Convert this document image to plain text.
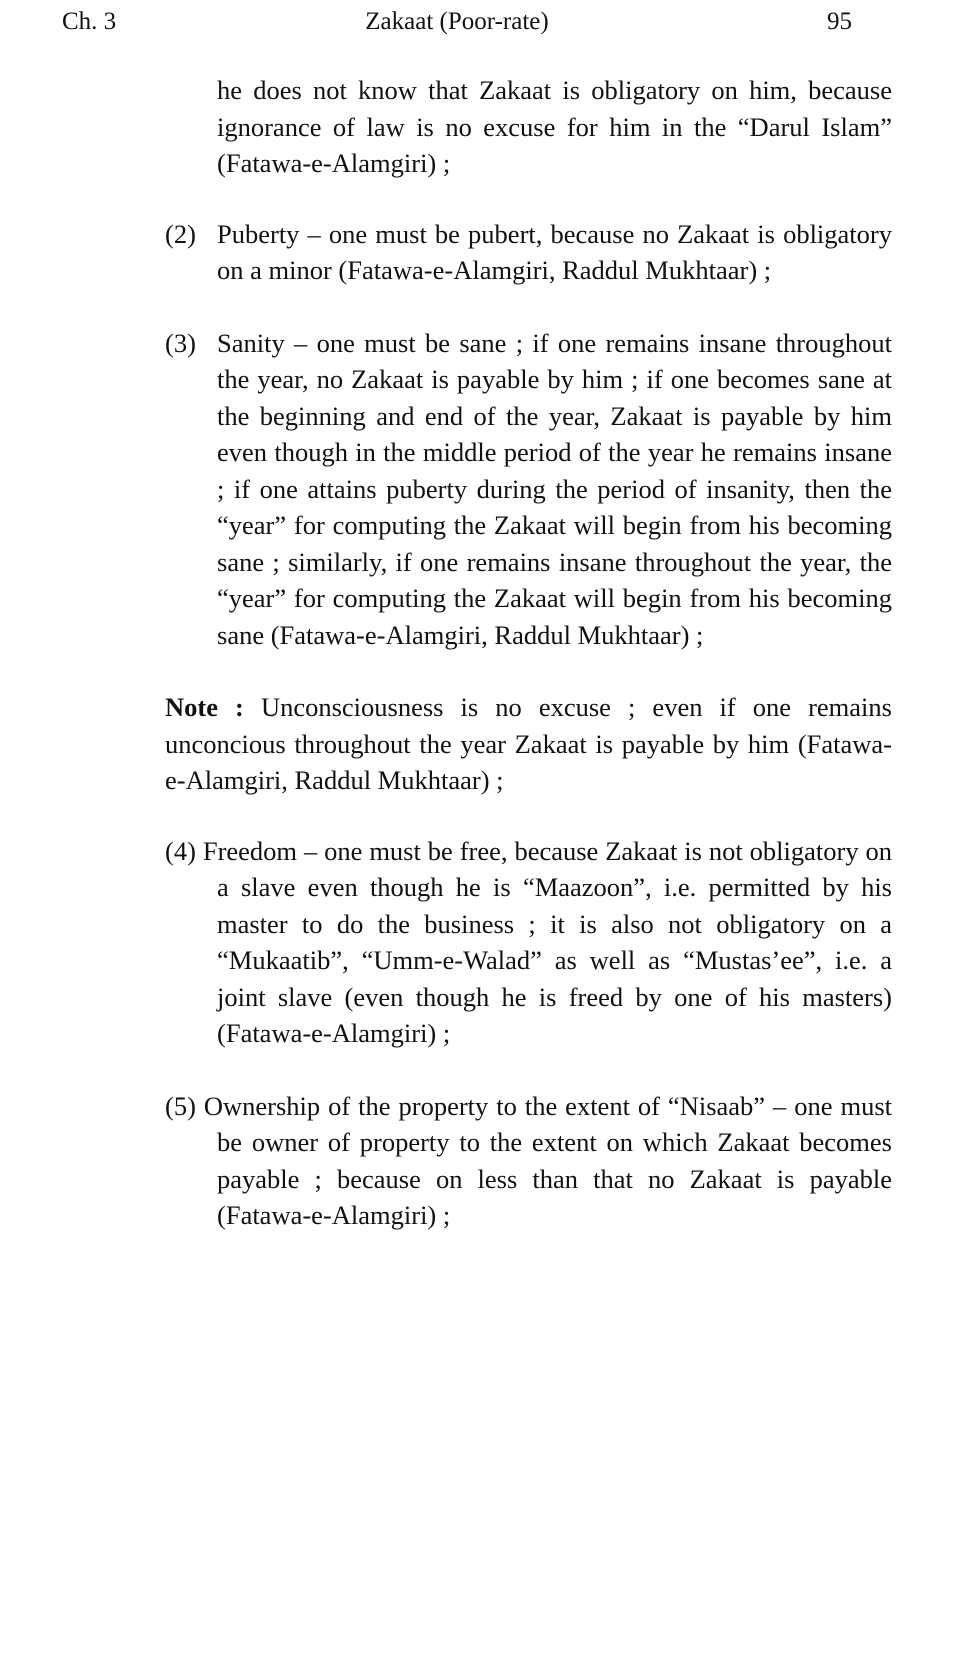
Ch. 3	Zakaat (Poor-rate)	95

he does not know that Zakaat is obligatory on him, because ignorance of law is no excuse for him in the “Darul Islam” (Fatawa-e-Alamgiri) ;

(2) Puberty – one must be pubert, because no Zakaat is obligatory on a minor (Fatawa-e-Alamgiri, Raddul Mukhtaar) ;
(3) Sanity – one must be sane ; if one remains insane throughout the year, no Zakaat is payable by him ; if one becomes sane at the beginning and end of the year, Zakaat is payable by him even though in the middle period of the year he remains insane ; if one attains puberty during the period of insanity, then the “year” for computing the Zakaat will begin from his becoming sane ; similarly, if one remains insane throughout the year, the “year” for computing the Zakaat will begin from his becoming sane (Fatawa-e-Alamgiri, Raddul Mukhtaar) ;

Note : Unconsciousness is no excuse ; even if one remains unconcious throughout the year Zakaat is payable by him (Fatawa-e-Alamgiri, Raddul Mukhtaar) ;

(4) Freedom – one must be free, because Zakaat is not obligatory on a slave even though he is “Maazoon”, i.e. permitted by his master to do the business ; it is also not obligatory on a “Mukaatib”, “Umm-e-Walad” as well as “Mustas’ee”, i.e. a joint slave (even though he is freed by one of his masters) (Fatawa-e-Alamgiri) ;
(5) Ownership of the property to the extent of “Nisaab” – one must be owner of property to the extent on which Zakaat becomes payable ; because on less than that no Zakaat is payable (Fatawa-e-Alamgiri) ;
